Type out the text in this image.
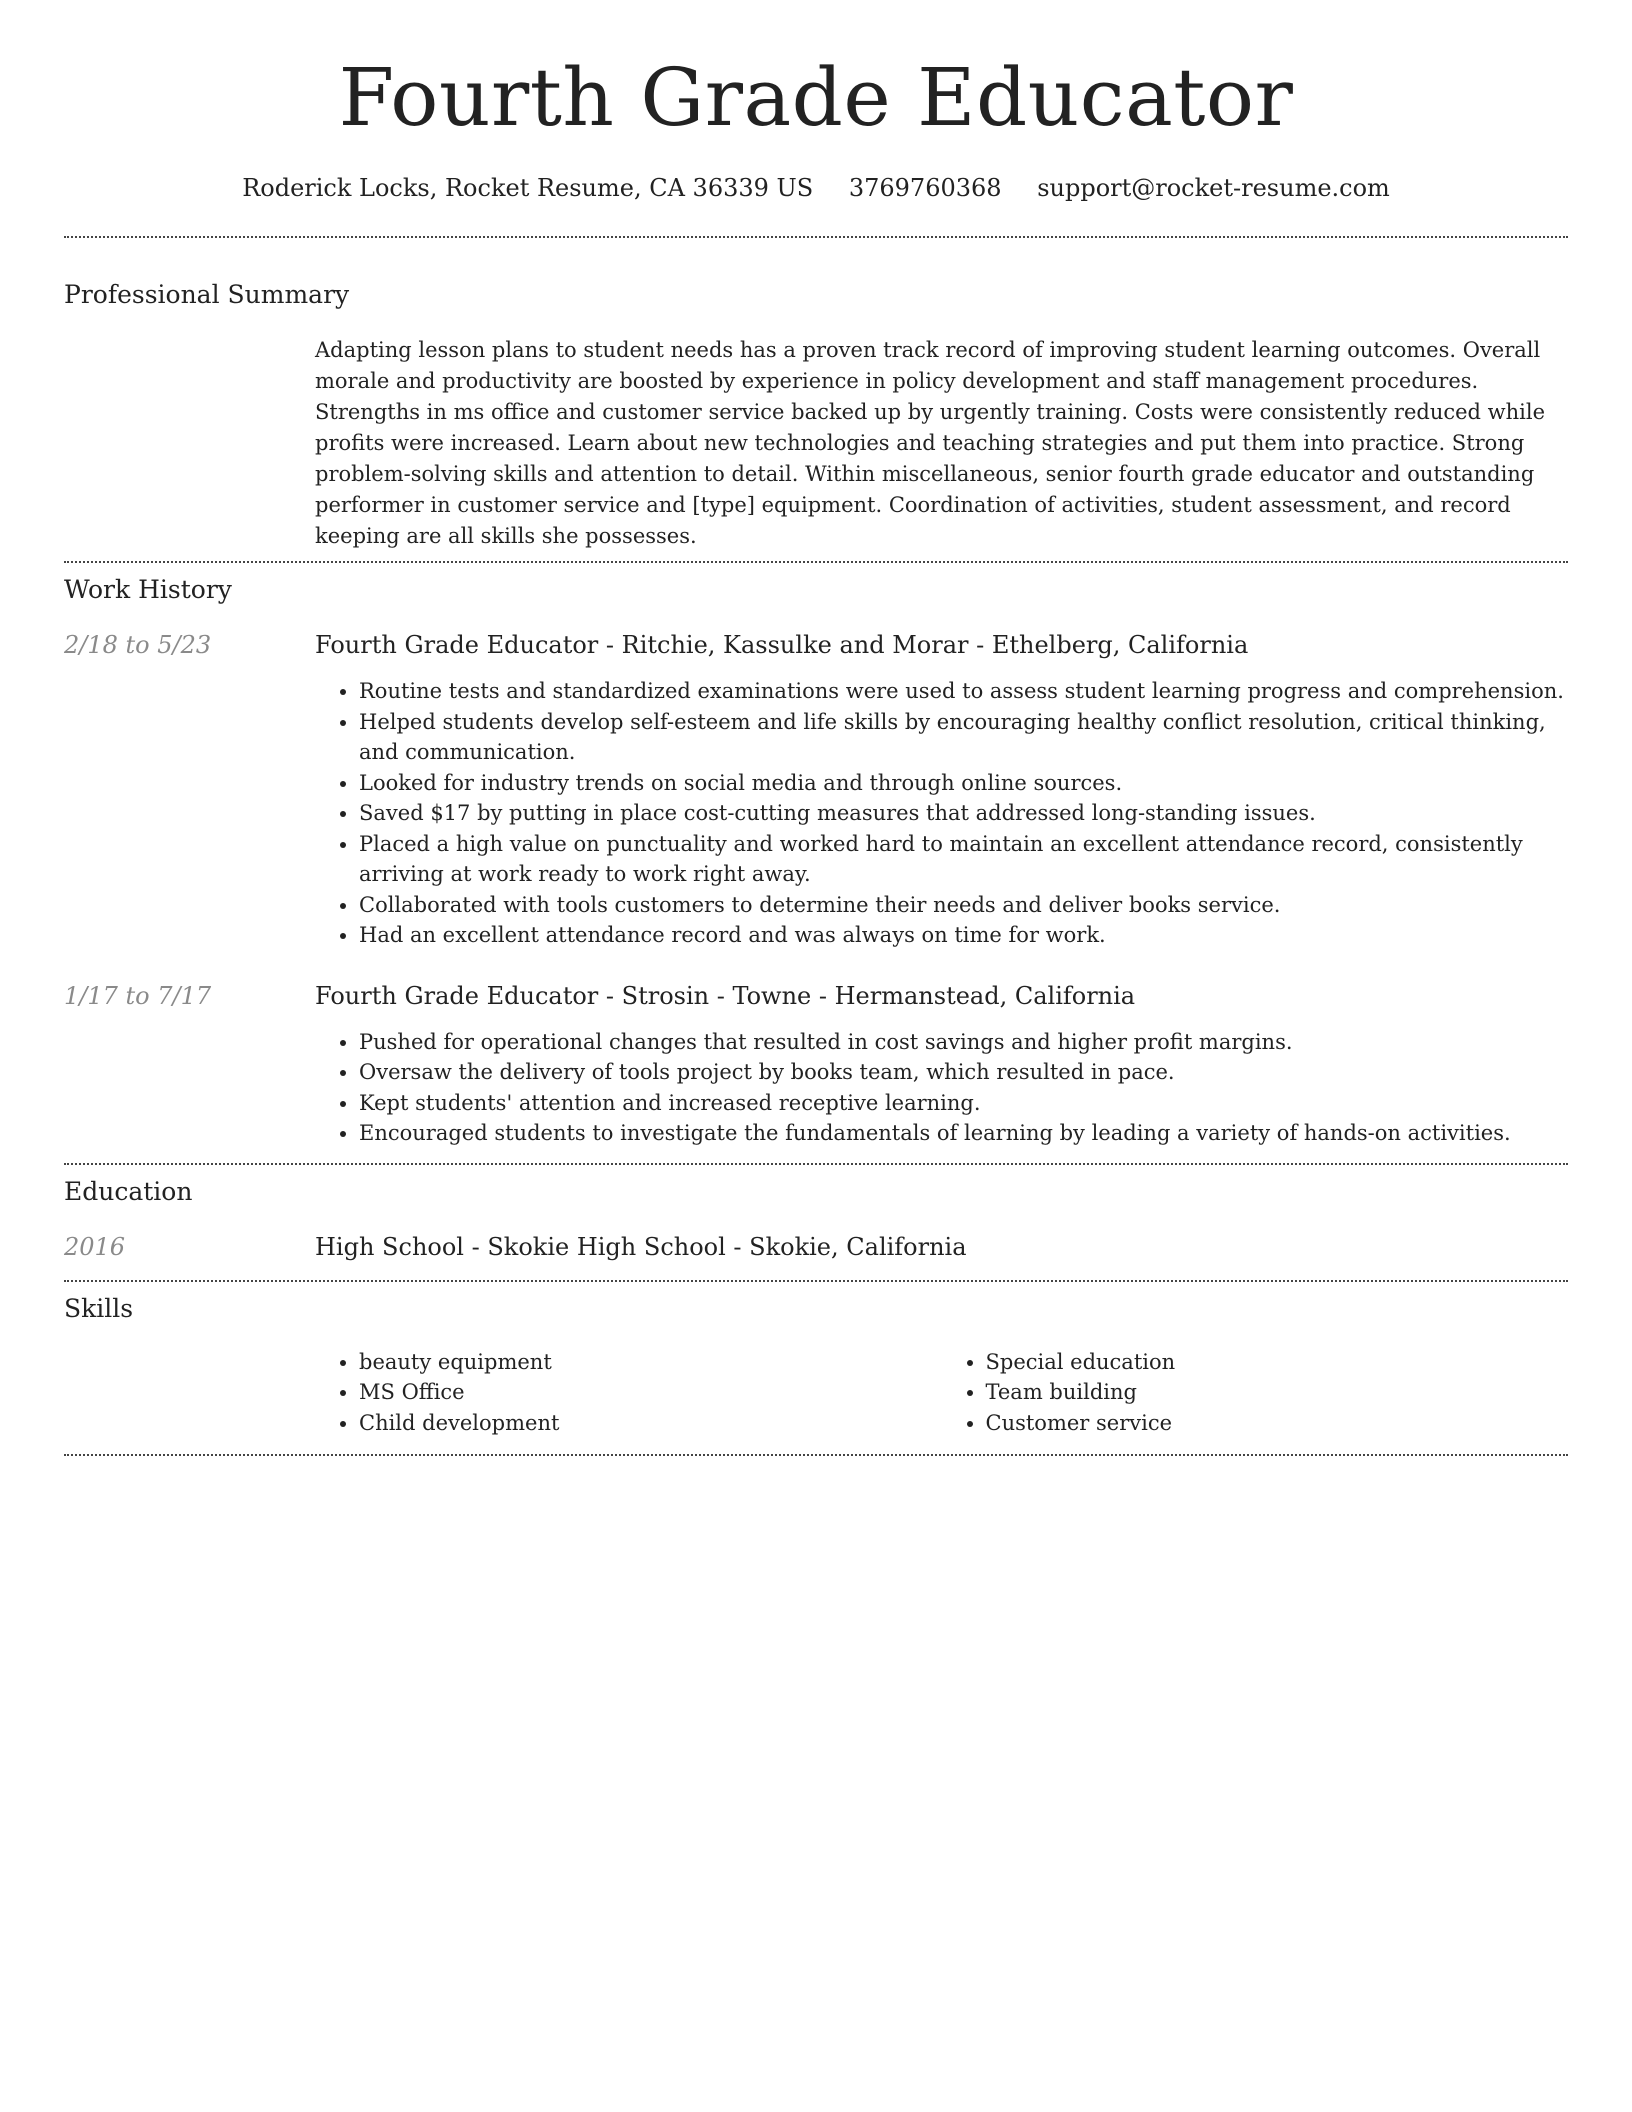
Fourth Grade Educator
Roderick Locks, Rocket Resume, CA 36339 US 3769760368 support@rocket-resume.com
Professional Summary

Adapting lesson plans to student needs has a proven track record of improving student learning outcomes. Overall morale and productivity are boosted by experience in policy development and staff management procedures. Strengths in ms office and customer service backed up by urgently training. Costs were consistently reduced while profits were increased. Learn about new technologies and teaching strategies and put them into practice. Strong problem-solving skills and attention to detail. Within miscellaneous, senior fourth grade educator and outstanding performer in customer service and [type] equipment. Coordination of activities, student assessment, and record keeping are all skills she possesses.

Work History
2/18 to 5/23	Fourth Grade Educator - Ritchie, Kassulke and Morar - Ethelberg, California

• Routine tests and standardized examinations were used to assess student learning progress and comprehension.
• Helped students develop self-esteem and life skills by encouraging healthy conflict resolution, critical thinking, and communication.
• Looked for industry trends on social media and through online sources.
• Saved $17 by putting in place cost-cutting measures that addressed long-standing issues.
• Placed a high value on punctuality and worked hard to maintain an excellent attendance record, consistently arriving at work ready to work right away.
• Collaborated with tools customers to determine their needs and deliver books service.
• Had an excellent attendance record and was always on time for work.
1/17 to 7/17	Fourth Grade Educator - Strosin - Towne - Hermanstead, California

• Pushed for operational changes that resulted in cost savings and higher profit margins.
• Oversaw the delivery of tools project by books team, which resulted in pace.
• Kept students' attention and increased receptive learning.
• Encouraged students to investigate the fundamentals of learning by leading a variety of hands-on activities.
Education
2016	High School - Skokie High School - Skokie, California

Skills
• beauty equipment
• MS Office
• Child development
• Special education
• Team building
• Customer service
